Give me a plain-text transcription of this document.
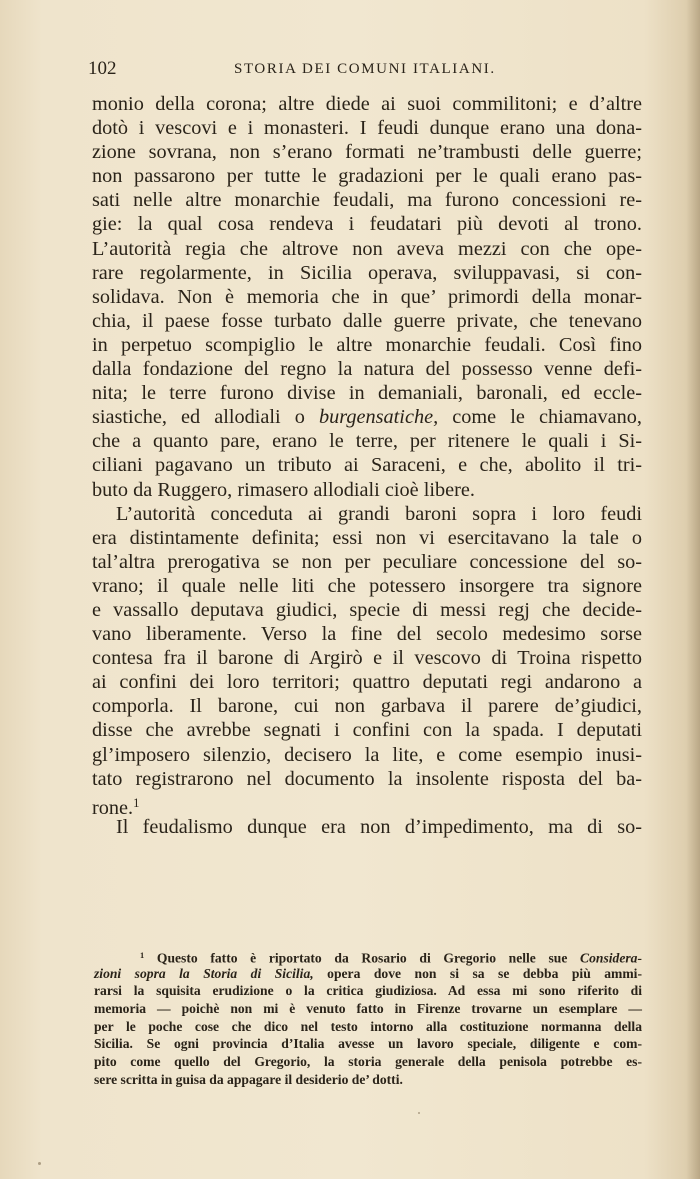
102	STORIA DEI COMUNI ITALIANI.
monio della corona; altre diede ai suoi commilitoni; e d’altre
dotò i vescovi e i monasteri. I feudi dunque erano una dona-
zione sovrana, non s’erano formati ne’trambusti delle guerre;
non passarono per tutte le gradazioni per le quali erano pas-
sati nelle altre monarchie feudali, ma furono concessioni re-
gie: la qual cosa rendeva i feudatari più devoti al trono.
L’autorità regia che altrove non aveva mezzi con che ope-
rare regolarmente, in Sicilia operava, sviluppavasi, si con-
solidava. Non è memoria che in que’ primordi della monar-
chia, il paese fosse turbato dalle guerre private, che tenevano
in perpetuo scompiglio le altre monarchie feudali. Così fino
dalla fondazione del regno la natura del possesso venne defi-
nita; le terre furono divise in demaniali, baronali, ed eccle-
siastiche, ed allodiali o burgensatiche, come le chiamavano,
che a quanto pare, erano le terre, per ritenere le quali i Si-
ciliani pagavano un tributo ai Saraceni, e che, abolito il tri-
buto da Ruggero, rimasero allodiali cioè libere.
L’autorità conceduta ai grandi baroni sopra i loro feudi
era distintamente definita; essi non vi esercitavano la tale o
tal’altra prerogativa se non per peculiare concessione del so-
vrano; il quale nelle liti che potessero insorgere tra signore
e vassallo deputava giudici, specie di messi regj che decide-
vano liberamente. Verso la fine del secolo medesimo sorse
contesa fra il barone di Argirò e il vescovo di Troina rispetto
ai confini dei loro territori; quattro deputati regi andarono a
comporla. Il barone, cui non garbava il parere de’giudici,
disse che avrebbe segnati i confini con la spada. I deputati
gl’imposero silenzio, decisero la lite, e come esempio inusi-
tato registrarono nel documento la insolente risposta del ba-
rone.$^1$
Il feudalismo dunque era non d’impedimento, ma di so-
$^1$ Questo fatto è riportato da Rosario di Gregorio nelle sue Considera-
zioni sopra la Storia di Sicilia, opera dove non si sa se debba più ammi-
rarsi la squisita erudizione o la critica giudiziosa. Ad essa mi sono riferito di
memoria — poichè non mi è venuto fatto in Firenze trovarne un esemplare —
per le poche cose che dico nel testo intorno alla costituzione normanna della
Sicilia. Se ogni provincia d’Italia avesse un lavoro speciale, diligente e com-
pito come quello del Gregorio, la storia generale della penisola potrebbe es-
sere scritta in guisa da appagare il desiderio de’ dotti.
